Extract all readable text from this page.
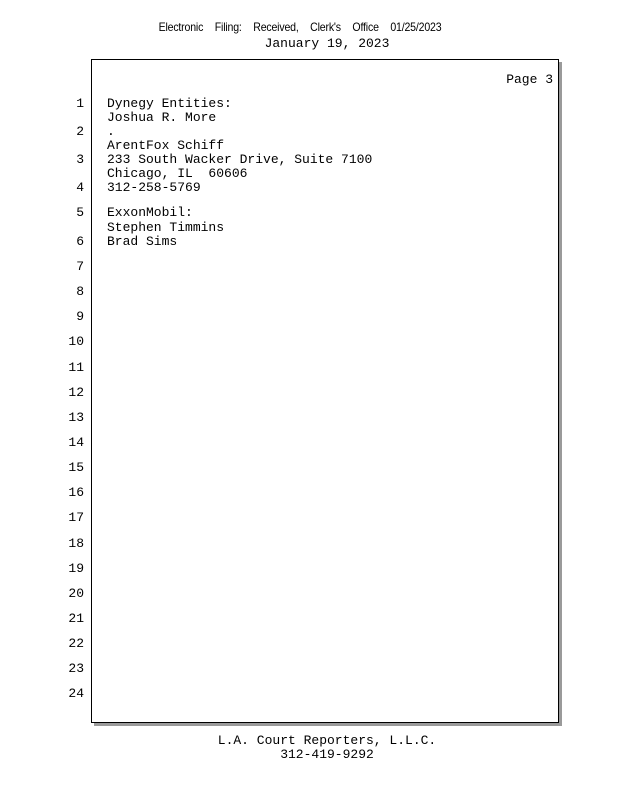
Electronic Filing: Received, Clerk's Office 01/25/2023
January 19, 2023
Page 3
1
2
3
4
5
6
7
8
9
10
11
12
13
14
15
16
17
18
19
20
21
22
23
24
Dynegy Entities:
Joshua R. More
.
ArentFox Schiff
233 South Wacker Drive, Suite 7100
Chicago, IL  60606
312-258-5769
ExxonMobil:
Stephen Timmins
Brad Sims
L.A. Court Reporters, L.L.C.
312-419-9292
